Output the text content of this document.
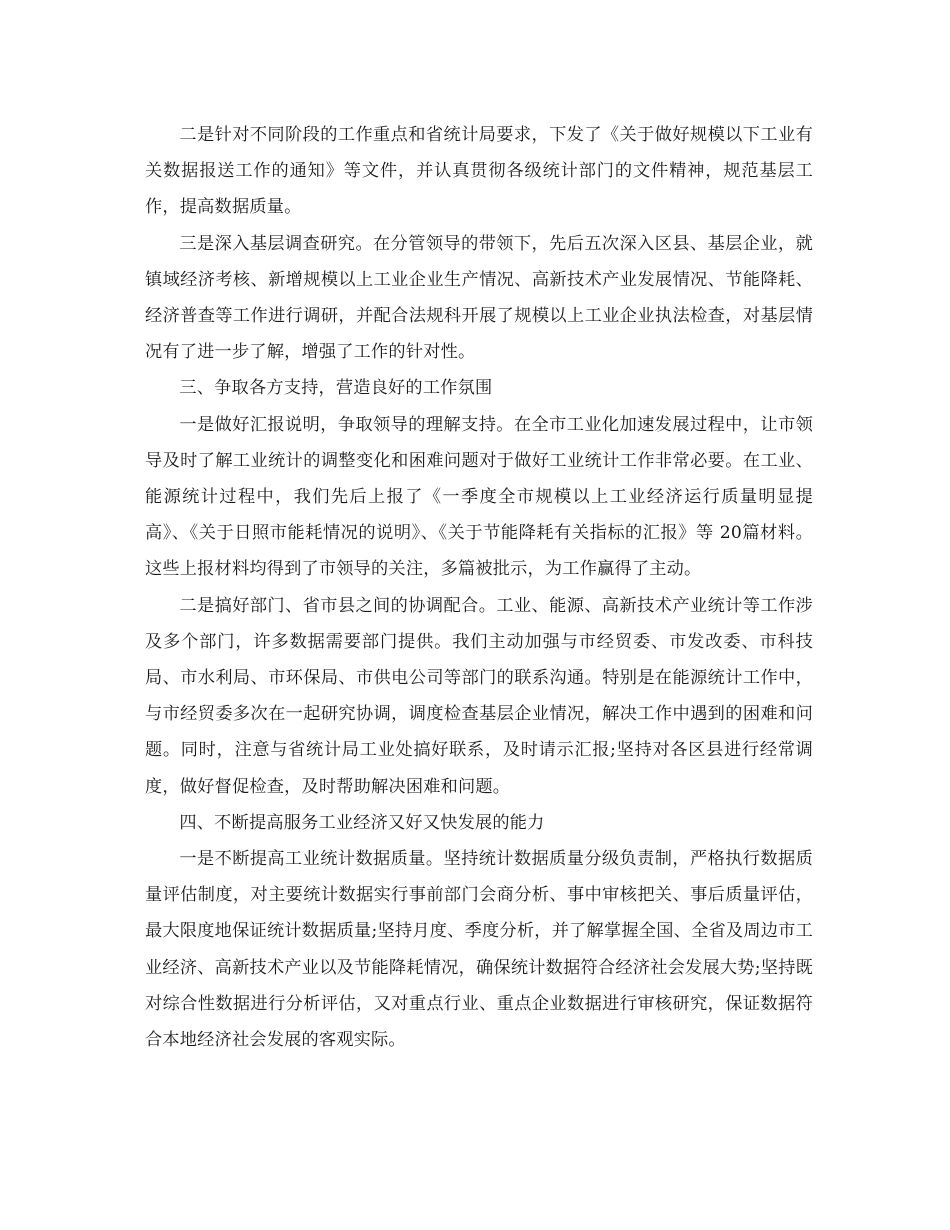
二是针对不同阶段的工作重点和省统计局要求，下发了《关于做好规模以下工业有关数据报送工作的通知》等文件，并认真贯彻各级统计部门的文件精神，规范基层工作，提高数据质量。

三是深入基层调查研究。在分管领导的带领下，先后五次深入区县、基层企业，就镇域经济考核、新增规模以上工业企业生产情况、高新技术产业发展情况、节能降耗、经济普查等工作进行调研，并配合法规科开展了规模以上工业企业执法检查，对基层情况有了进一步了解，增强了工作的针对性。

三、争取各方支持，营造良好的工作氛围

一是做好汇报说明，争取领导的理解支持。在全市工业化加速发展过程中，让市领导及时了解工业统计的调整变化和困难问题对于做好工业统计工作非常必要。在工业、能源统计过程中，我们先后上报了《一季度全市规模以上工业经济运行质量明显提高》、《关于日照市能耗情况的说明》、《关于节能降耗有关指标的汇报》等 20篇材料。这些上报材料均得到了市领导的关注，多篇被批示，为工作赢得了主动。

二是搞好部门、省市县之间的协调配合。工业、能源、高新技术产业统计等工作涉及多个部门，许多数据需要部门提供。我们主动加强与市经贸委、市发改委、市科技局、市水利局、市环保局、市供电公司等部门的联系沟通。特别是在能源统计工作中，与市经贸委多次在一起研究协调，调度检查基层企业情况，解决工作中遇到的困难和问题。同时，注意与省统计局工业处搞好联系，及时请示汇报;坚持对各区县进行经常调度，做好督促检查，及时帮助解决困难和问题。

四、不断提高服务工业经济又好又快发展的能力

一是不断提高工业统计数据质量。坚持统计数据质量分级负责制，严格执行数据质量评估制度，对主要统计数据实行事前部门会商分析、事中审核把关、事后质量评估，最大限度地保证统计数据质量;坚持月度、季度分析，并了解掌握全国、全省及周边市工业经济、高新技术产业以及节能降耗情况，确保统计数据符合经济社会发展大势;坚持既对综合性数据进行分析评估，又对重点行业、重点企业数据进行审核研究，保证数据符合本地经济社会发展的客观实际。
